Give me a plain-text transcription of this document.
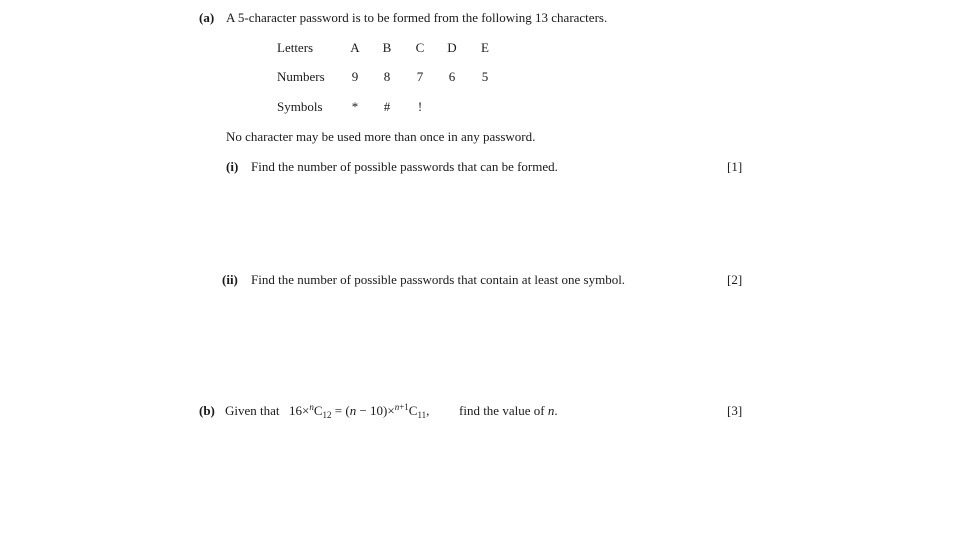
(a) A 5-character password is to be formed from the following 13 characters.
Letters	A	B	C	D	E
Numbers	9	8	7	6	5
Symbols	*	#	!
No character may be used more than once in any password.
(i) Find the number of possible passwords that can be formed.	[1]
(ii) Find the number of possible passwords that contain at least one symbol.	[2]
(b) Given that $16\times^nC_{12} = (n - 10)\times^{n+1}C_{11}$, find the value of n.	[3]
